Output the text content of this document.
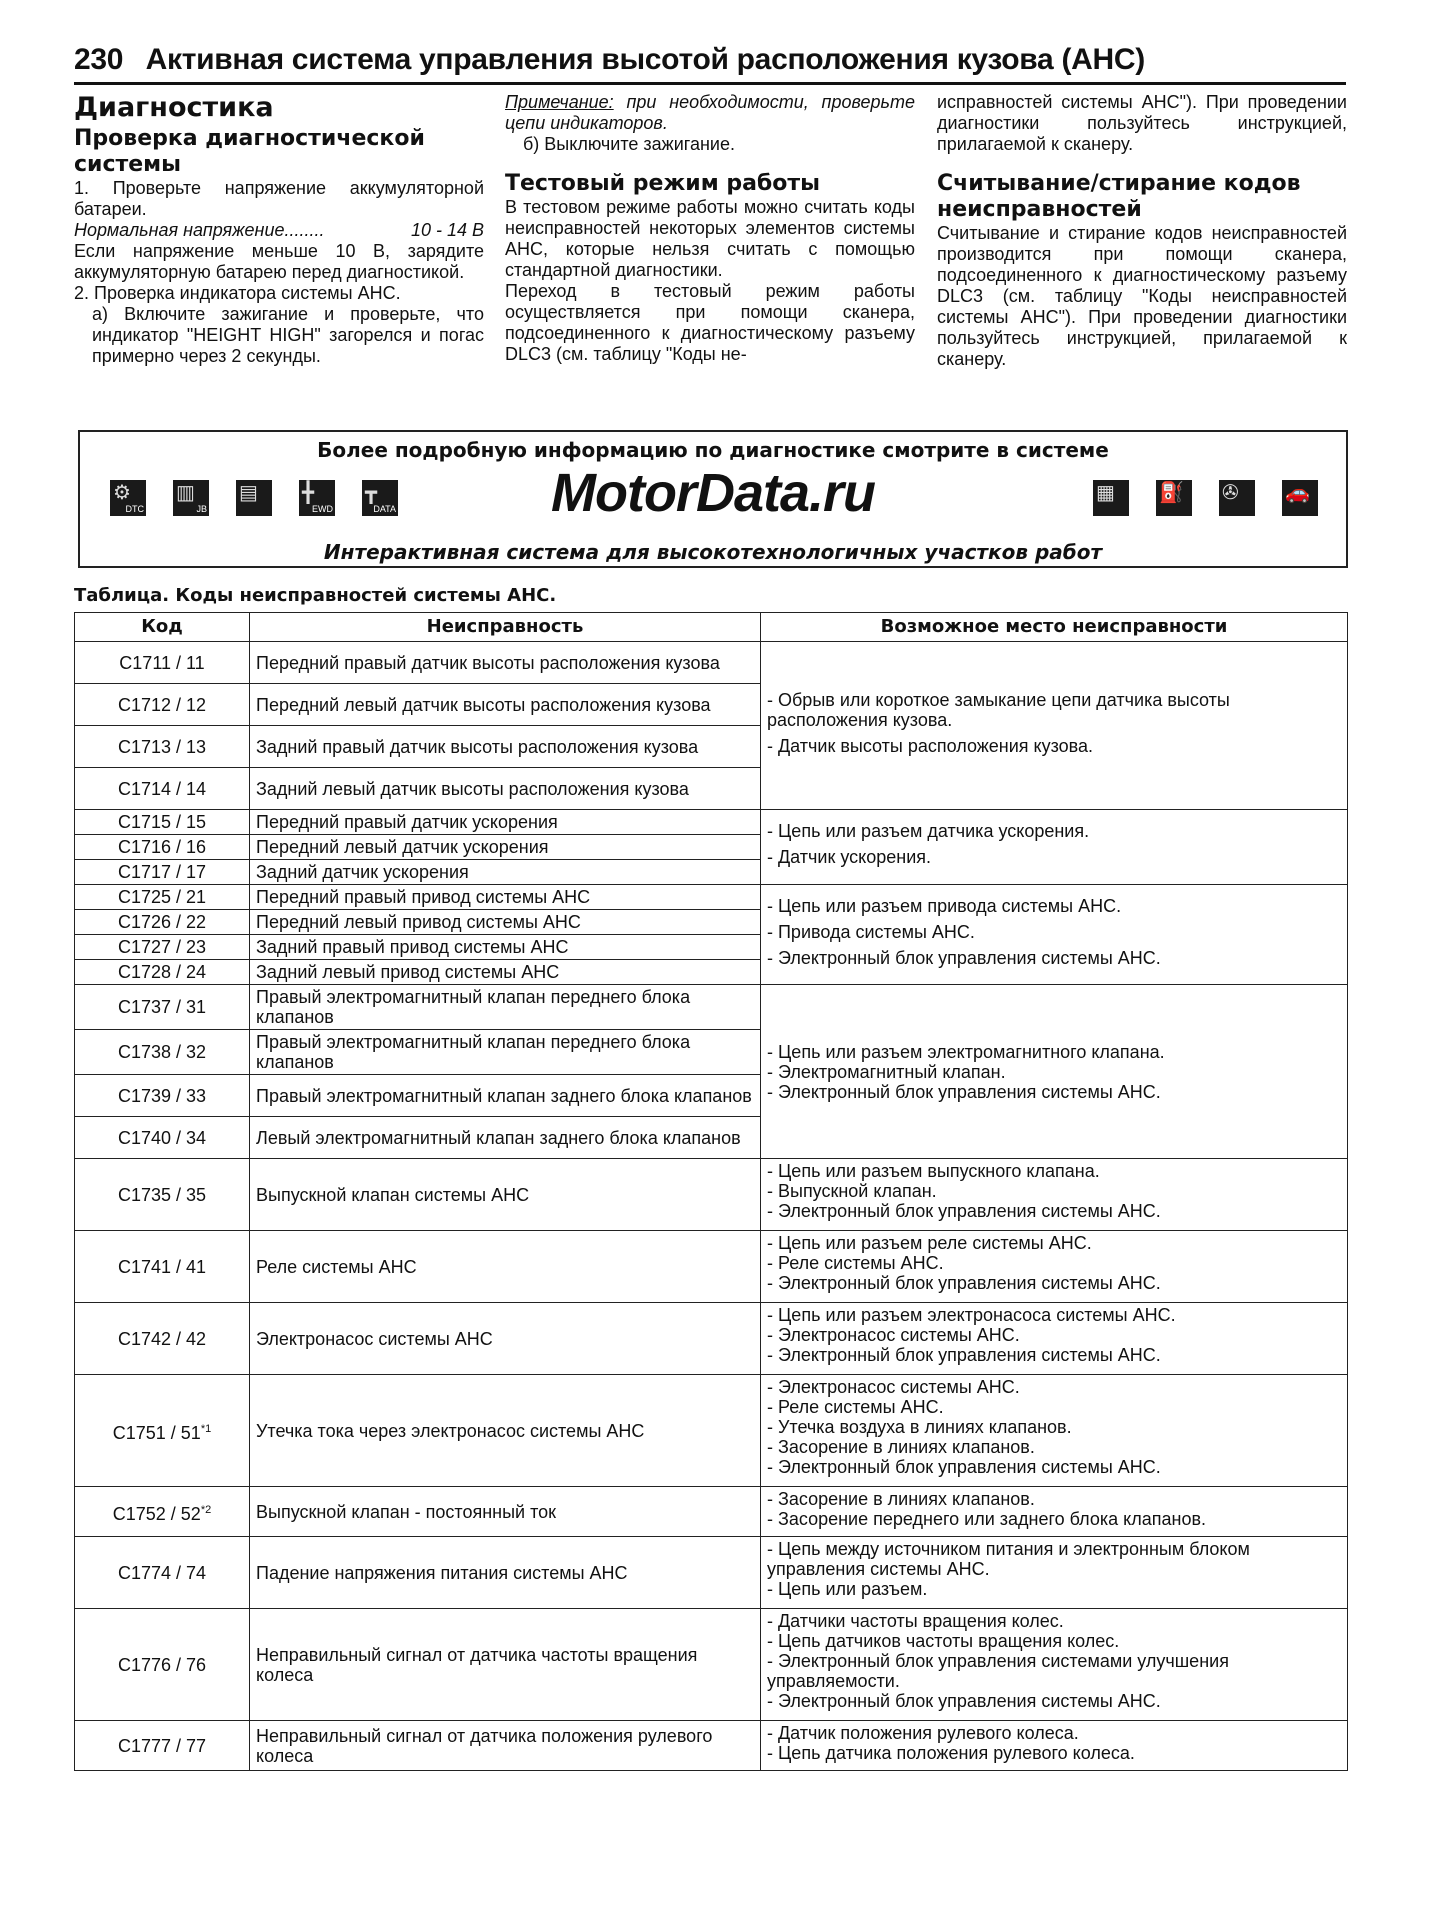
230 Активная система управления высотой расположения кузова (АНС)
Диагностика
Проверка диагностической системы

1. Проверьте напряжение аккумуляторной батареи.

Нормальная напряжение........	10 - 14 В

Если напряжение меньше 10 В, зарядите аккумуляторную батарею перед диагностикой.

2. Проверка индикатора системы АНС.

а) Включите зажигание и проверьте, что индикатор "HEIGHT HIGH" загорелся и погас примерно через 2 секунды.

Примечание: при необходимости, проверьте цепи индикаторов.

б) Выключите зажигание.

Тестовый режим работы

В тестовом режиме работы можно считать коды неисправностей некоторых элементов системы АНС, которые нельзя считать с помощью стандартной диагностики.

Переход в тестовый режим работы осуществляется при помощи сканера, подсоединенного к диагностическому разъему DLC3 (см. таблицу "Коды не-

исправностей системы АНС"). При проведении диагностики пользуйтесь инструкцией, прилагаемой к сканеру.

Считывание/стирание кодов неисправностей

Считывание и стирание кодов неисправностей производится при помощи сканера, подсоединенного к диагностическому разъему DLC3 (см. таблицу "Коды неисправностей системы АНС"). При проведении диагностики пользуйтесь инструкцией, прилагаемой к сканеру.

Более подробную информацию по диагностике смотрите в системе
⚙
DTC
▥
JB
▤ ╋
EWD
┳
DATA	MotorData.ru	▦ ⛽ ✇ 🚗
Интерактивная система для высокотехнологичных участков работ
Таблица. Коды неисправностей системы АНС.
Код	Неисправность	Возможное место неисправности
C1711 / 11	Передний правый датчик высоты расположения кузова	- Обрыв или короткое замыкание цепи датчика высоты расположения кузова.
- Датчик высоты расположения кузова.

C1712 / 12	Передний левый датчик высоты расположения кузова	
C1713 / 13	Задний правый датчик высоты расположения кузова	
C1714 / 14	Задний левый датчик высоты расположения кузова	
C1715 / 15	Передний правый датчик ускорения	- Цепь или разъем датчика ускорения.
- Датчик ускорения.

C1716 / 16	Передний левый датчик ускорения	
C1717 / 17	Задний датчик ускорения	
C1725 / 21	Передний правый привод системы АНС	- Цепь или разъем привода системы АНС.
- Привода системы АНС.
- Электронный блок управления системы АНС.

C1726 / 22	Передний левый привод системы АНС	
C1727 / 23	Задний правый привод системы АНС	
C1728 / 24	Задний левый привод системы АНС	
C1737 / 31	Правый электромагнитный клапан переднего блока клапанов	- Цепь или разъем электромагнитного клапана.
- Электромагнитный клапан.
- Электронный блок управления системы АНС.

C1738 / 32	Правый электромагнитный клапан переднего блока клапанов	
C1739 / 33	Правый электромагнитный клапан заднего блока клапанов	
C1740 / 34	Левый электромагнитный клапан заднего блока клапанов	
C1735 / 35	Выпускной клапан системы АНС	- Цепь или разъем выпускного клапана.
- Выпускной клапан.
- Электронный блок управления системы АНС.

C1741 / 41	Реле системы АНС	- Цепь или разъем реле системы АНС.
- Реле системы АНС.
- Электронный блок управления системы АНС.

C1742 / 42	Электронасос системы АНС	- Цепь или разъем электронасоса системы АНС.
- Электронасос системы АНС.
- Электронный блок управления системы АНС.

C1751 / 51$^{*1}$	Утечка тока через электронасос системы АНС	- Электронасос системы АНС.
- Реле системы АНС.
- Утечка воздуха в линиях клапанов.
- Засорение в линиях клапанов.
- Электронный блок управления системы АНС.

C1752 / 52$^{*2}$	Выпускной клапан - постоянный ток	- Засорение в линиях клапанов.
- Засорение переднего или заднего блока клапанов.

C1774 / 74	Падение напряжения питания системы АНС	- Цепь между источником питания и электронным блоком управления системы АНС.
- Цепь или разъем.

C1776 / 76	Неправильный сигнал от датчика частоты вращения колеса	- Датчики частоты вращения колес.
- Цепь датчиков частоты вращения колес.
- Электронный блок управления системами улучшения управляемости.
- Электронный блок управления системы АНС.

C1777 / 77	Неправильный сигнал от датчика положения рулевого колеса	- Датчик положения рулевого колеса.
- Цепь датчика положения рулевого колеса.
